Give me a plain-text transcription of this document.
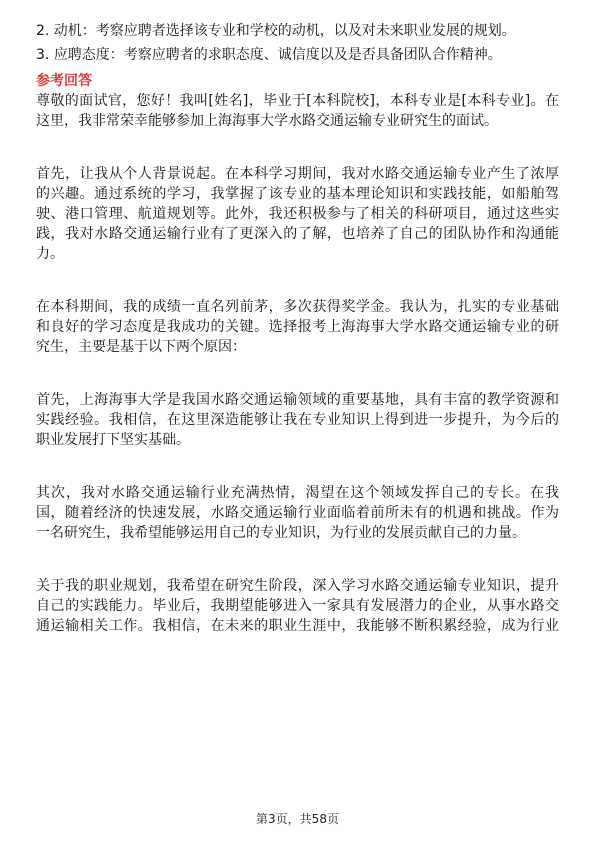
2. 动机：考察应聘者选择该专业和学校的动机，以及对未来职业发展的规划。
3. 应聘态度：考察应聘者的求职态度、诚信度以及是否具备团队合作精神。
参考回答
尊敬的面试官，您好！我叫[姓名]，毕业于[本科院校]，本科专业是[本科专业]。在
这里，我非常荣幸能够参加上海海事大学水路交通运输专业研究生的面试。
首先，让我从个人背景说起。在本科学习期间，我对水路交通运输专业产生了浓厚
的兴趣。通过系统的学习，我掌握了该专业的基本理论知识和实践技能，如船舶驾
驶、港口管理、航道规划等。此外，我还积极参与了相关的科研项目，通过这些实
践，我对水路交通运输行业有了更深入的了解，也培养了自己的团队协作和沟通能
力。
在本科期间，我的成绩一直名列前茅，多次获得奖学金。我认为，扎实的专业基础
和良好的学习态度是我成功的关键。选择报考上海海事大学水路交通运输专业的研
究生，主要是基于以下两个原因：
首先，上海海事大学是我国水路交通运输领域的重要基地，具有丰富的教学资源和
实践经验。我相信，在这里深造能够让我在专业知识上得到进一步提升，为今后的
职业发展打下坚实基础。
其次，我对水路交通运输行业充满热情，渴望在这个领域发挥自己的专长。在我
国，随着经济的快速发展，水路交通运输行业面临着前所未有的机遇和挑战。作为
一名研究生，我希望能够运用自己的专业知识，为行业的发展贡献自己的力量。
关于我的职业规划，我希望在研究生阶段，深入学习水路交通运输专业知识，提升
自己的实践能力。毕业后，我期望能够进入一家具有发展潜力的企业，从事水路交
通运输相关工作。我相信，在未来的职业生涯中，我能够不断积累经验，成为行业
第3页，共58页
